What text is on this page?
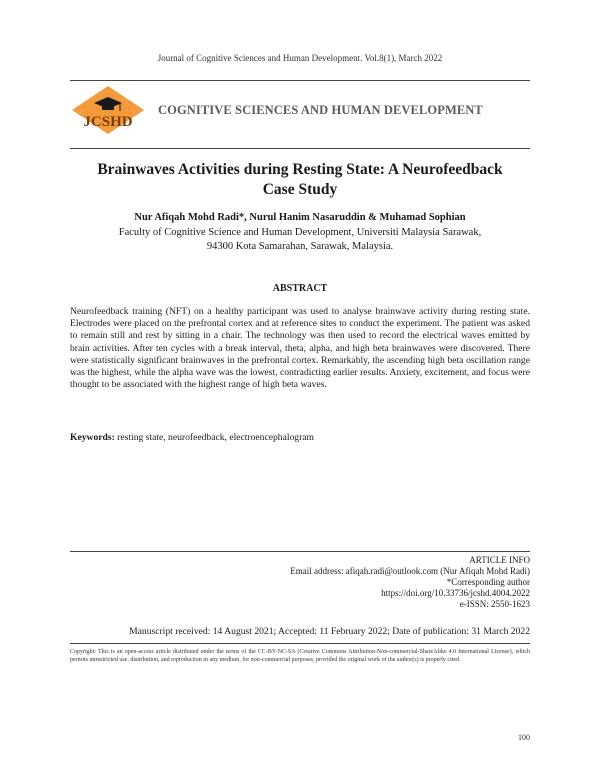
Journal of Cognitive Sciences and Human Development. Vol.8(1), March 2022
JCSHD
COGNITIVE SCIENCES AND HUMAN DEVELOPMENT
Brainwaves Activities during Resting State: A Neurofeedback Case Study
Nur Afiqah Mohd Radi*, Nurul Hanim Nasaruddin & Muhamad Sophian
Faculty of Cognitive Science and Human Development, Universiti Malaysia Sarawak,
94300 Kota Samarahan, Sarawak, Malaysia.
ABSTRACT
Neurofeedback training (NFT) on a healthy participant was used to analyse brainwave activity during resting state. Electrodes were placed on the prefrontal cortex and at reference sites to conduct the experiment. The patient was asked to remain still and rest by sitting in a chair. The technology was then used to record the electrical waves emitted by brain activities. After ten cycles with a break interval, theta, alpha, and high beta brainwaves were discovered. There were statistically significant brainwaves in the prefrontal cortex. Remarkably, the ascending high beta oscillation range was the highest, while the alpha wave was the lowest, contradicting earlier results. Anxiety, excitement, and focus were thought to be associated with the highest range of high beta waves.
Keywords: resting state, neurofeedback, electroencephalogram
ARTICLE INFO
Email address: afiqah.radi@outlook.com (Nur Afiqah Mohd Radi)
*Corresponding author
https://doi.org/10.33736/jcshd.4004.2022
e-ISSN: 2550-1623
Manuscript received: 14 August 2021; Accepted: 11 February 2022; Date of publication: 31 March 2022
Copyright: This is an open-access article distributed under the terms of the CC-BY-NC-SA (Creative Commons Attribution-Non-commercial-ShareAlike 4.0 International License), which permits unrestricted use, distribution, and reproduction in any medium, for non-commercial purposes, provided the original work of the author(s) is properly cited.
100
